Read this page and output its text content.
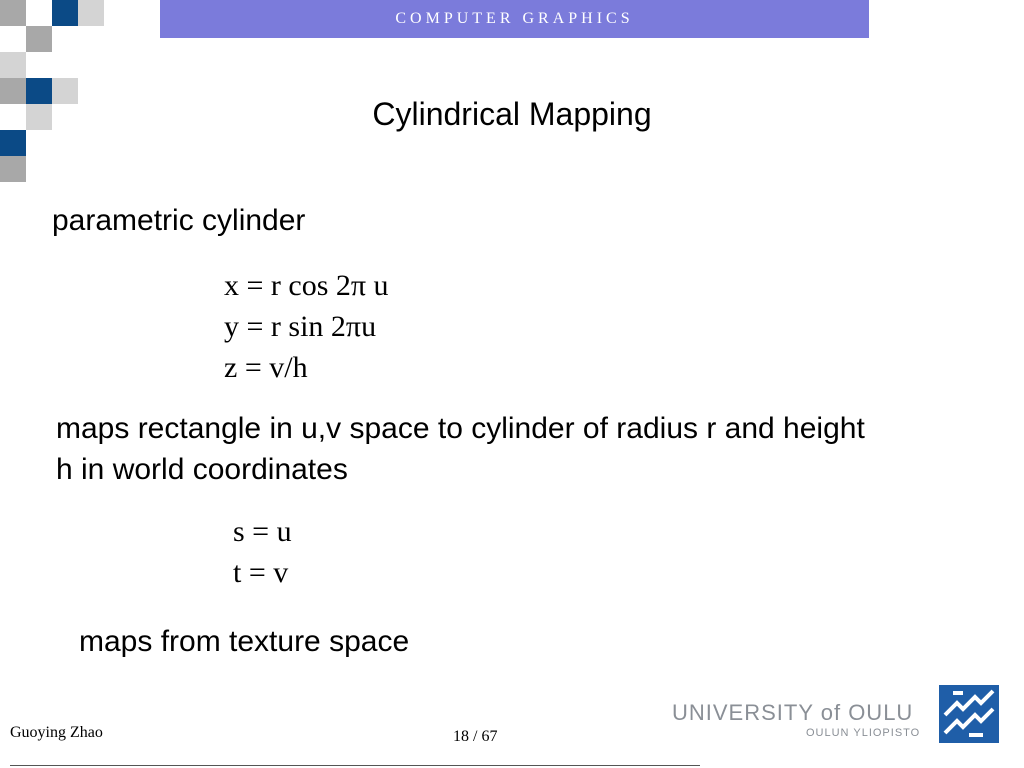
COMPUTER GRAPHICS
Cylindrical Mapping
parametric cylinder
x = r cos 2π u
y = r sin 2πu
z = v/h
maps rectangle in u,v space to cylinder of radius r and height
h in world coordinates
s = u
t = v
maps from texture space
Guoying Zhao	18 / 67
UNIVERSITY of OULU
OULUN YLIOPISTO
